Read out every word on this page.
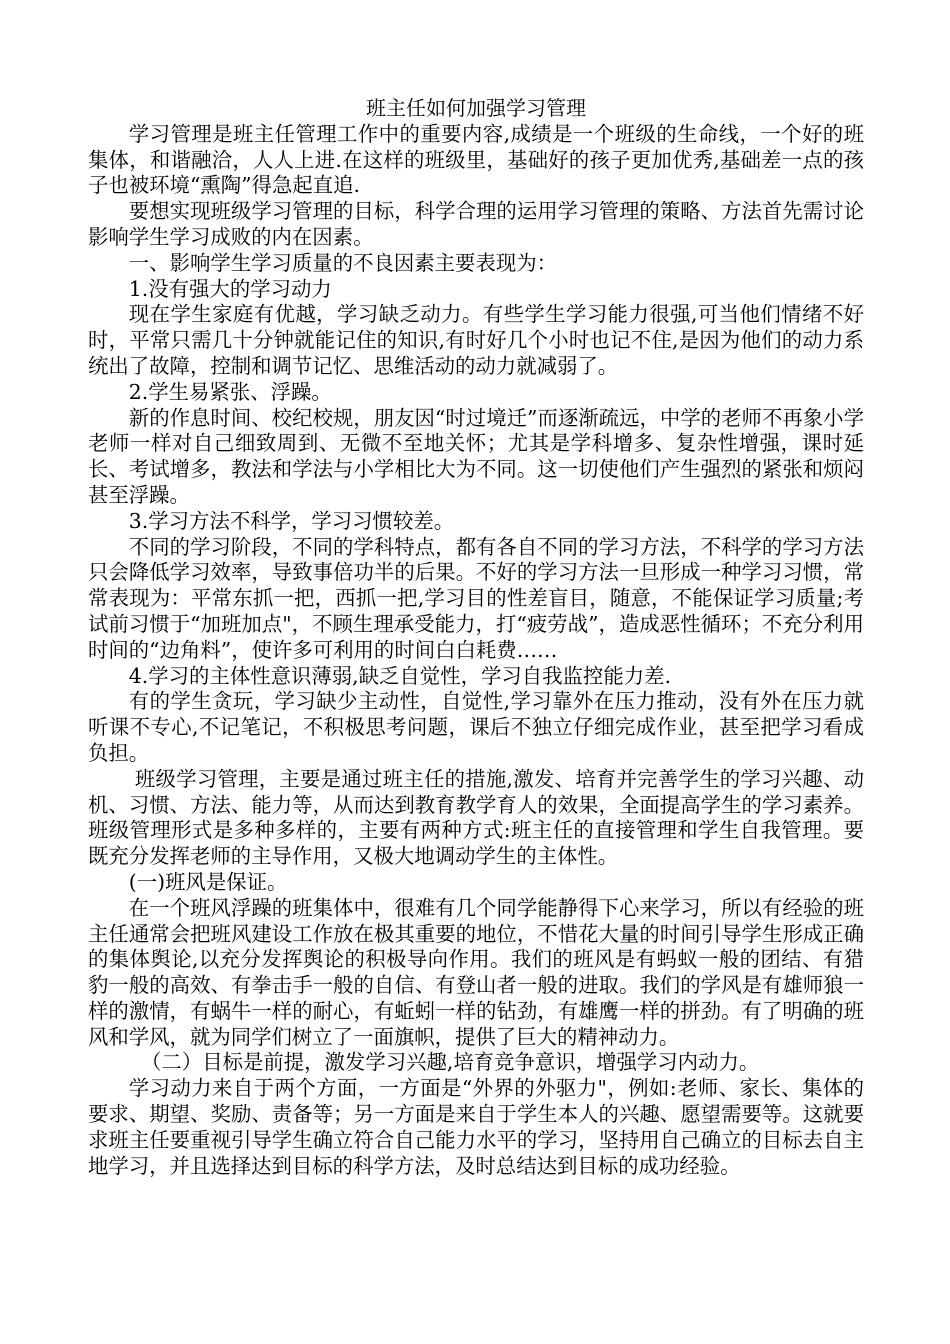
班主任如何加强学习管理

学习管理是班主任管理工作中的重要内容,成绩是一个班级的生命线，一个好的班集体，和谐融洽，人人上进.在这样的班级里，基础好的孩子更加优秀,基础差一点的孩子也被环境“熏陶”得急起直追.

要想实现班级学习管理的目标，科学合理的运用学习管理的策略、方法首先需讨论影响学生学习成败的内在因素。

一、影响学生学习质量的不良因素主要表现为：

1.没有强大的学习动力

现在学生家庭有优越，学习缺乏动力。有些学生学习能力很强,可当他们情绪不好时，平常只需几十分钟就能记住的知识,有时好几个小时也记不住,是因为他们的动力系统出了故障，控制和调节记忆、思维活动的动力就减弱了。

2.学生易紧张、浮躁。

新的作息时间、校纪校规，朋友因“时过境迁”而逐渐疏远，中学的老师不再象小学老师一样对自己细致周到、无微不至地关怀；尤其是学科增多、复杂性增强，课时延长、考试增多，教法和学法与小学相比大为不同。这一切使他们产生强烈的紧张和烦闷甚至浮躁。

3.学习方法不科学，学习习惯较差。

不同的学习阶段，不同的学科特点，都有各自不同的学习方法，不科学的学习方法只会降低学习效率，导致事倍功半的后果。不好的学习方法一旦形成一种学习习惯，常常表现为：平常东抓一把，西抓一把,学习目的性差盲目，随意，不能保证学习质量;考试前习惯于“加班加点"，不顾生理承受能力，打“疲劳战”，造成恶性循环；不充分利用时间的“边角料”，使许多可利用的时间白白耗费……

4.学习的主体性意识薄弱,缺乏自觉性，学习自我监控能力差.

有的学生贪玩，学习缺少主动性，自觉性,学习靠外在压力推动，没有外在压力就听课不专心,不记笔记，不积极思考问题，课后不独立仔细完成作业，甚至把学习看成负担。

班级学习管理，主要是通过班主任的措施,激发、培育并完善学生的学习兴趣、动机、习惯、方法、能力等，从而达到教育教学育人的效果，全面提高学生的学习素养。班级管理形式是多种多样的，主要有两种方式:班主任的直接管理和学生自我管理。要既充分发挥老师的主导作用，又极大地调动学生的主体性。

(一)班风是保证。

在一个班风浮躁的班集体中，很难有几个同学能静得下心来学习，所以有经验的班主任通常会把班风建设工作放在极其重要的地位，不惜花大量的时间引导学生形成正确的集体舆论,以充分发挥舆论的积极导向作用。我们的班风是有蚂蚁一般的团结、有猎豹一般的高效、有拳击手一般的自信、有登山者一般的进取。我们的学风是有雄师狼一样的激情，有蜗牛一样的耐心，有蚯蚓一样的钻劲，有雄鹰一样的拼劲。有了明确的班风和学风，就为同学们树立了一面旗帜，提供了巨大的精神动力。

（二）目标是前提，激发学习兴趣,培育竞争意识，增强学习内动力。

学习动力来自于两个方面，一方面是“外界的外驱力"，例如:老师、家长、集体的要求、期望、奖励、责备等；另一方面是来自于学生本人的兴趣、愿望需要等。这就要求班主任要重视引导学生确立符合自己能力水平的学习，坚持用自己确立的目标去自主地学习，并且选择达到目标的科学方法，及时总结达到目标的成功经验。
